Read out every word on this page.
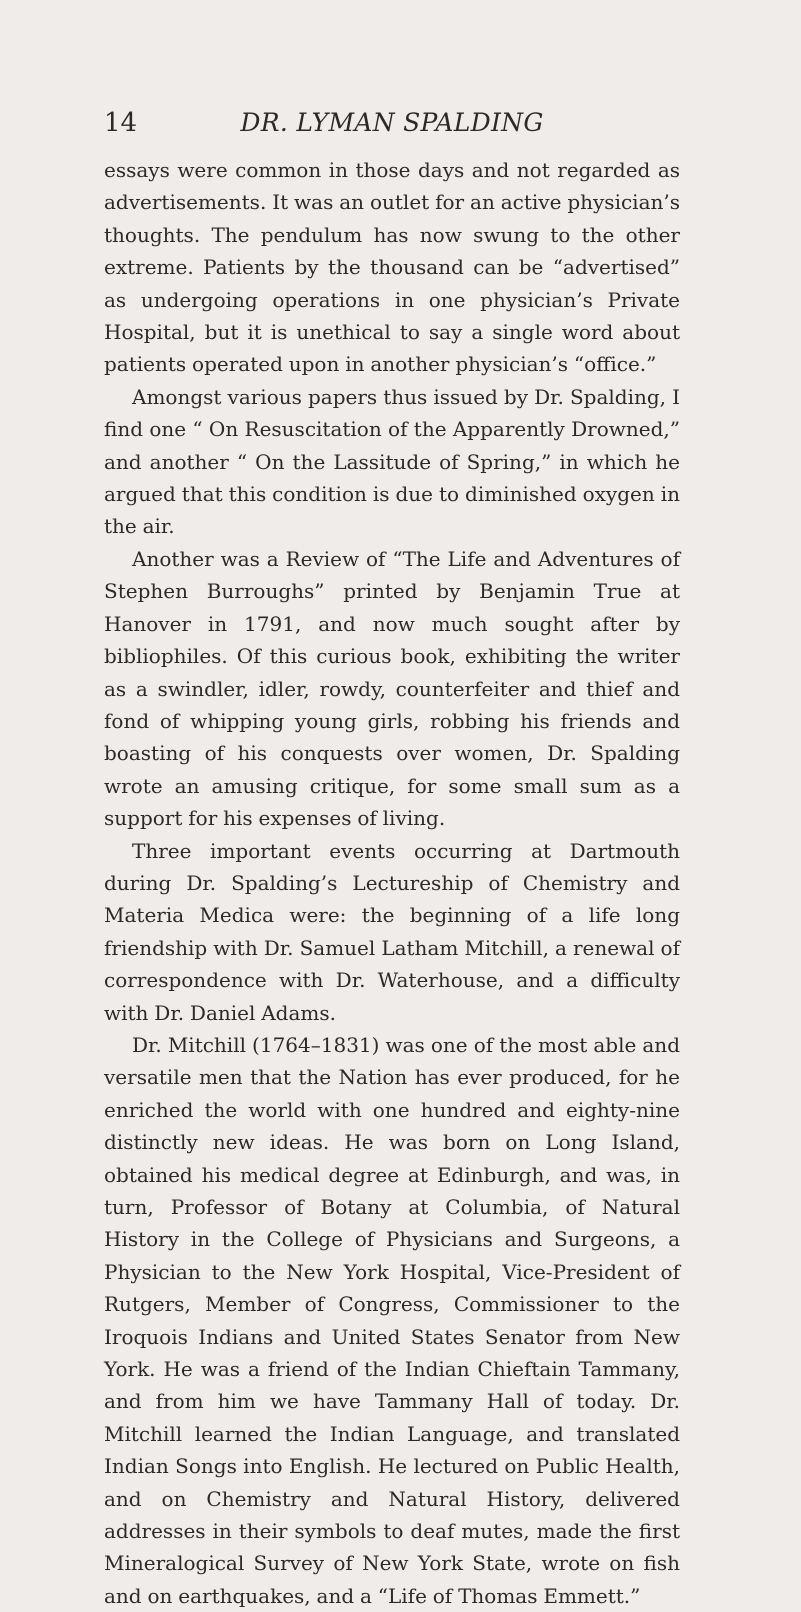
14	DR. LYMAN SPALDING

essays were common in those days and not regarded as advertisements. It was an outlet for an active physician’s thoughts. The pendulum has now swung to the other extreme. Patients by the thousand can be “advertised” as undergoing operations in one physician’s Private Hospital, but it is unethical to say a single word about patients operated upon in another physician’s “office.”

Amongst various papers thus issued by Dr. Spalding, I find one “ On Resuscitation of the Apparently Drowned,” and another “ On the Lassitude of Spring,” in which he argued that this condition is due to diminished oxygen in the air.

Another was a Review of “The Life and Adventures of Stephen Burroughs” printed by Benjamin True at Hanover in 1791, and now much sought after by bibliophiles. Of this curious book, exhibiting the writer as a swindler, idler, rowdy, counterfeiter and thief and fond of whipping young girls, robbing his friends and boasting of his conquests over women, Dr. Spalding wrote an amusing critique, for some small sum as a support for his expenses of living.

Three important events occurring at Dartmouth during Dr. Spalding’s Lectureship of Chemistry and Materia Medica were: the beginning of a life long friendship with Dr. Samuel Latham Mitchill, a renewal of correspondence with Dr. Waterhouse, and a difficulty with Dr. Daniel Adams.

Dr. Mitchill (1764–1831) was one of the most able and versatile men that the Nation has ever produced, for he enriched the world with one hundred and eighty-nine distinctly new ideas. He was born on Long Island, obtained his medical degree at Edinburgh, and was, in turn, Professor of Botany at Columbia, of Natural History in the College of Physicians and Surgeons, a Physician to the New York Hospital, Vice-President of Rutgers, Member of Congress, Commissioner to the Iroquois Indians and United States Senator from New York. He was a friend of the Indian Chieftain Tammany, and from him we have Tammany Hall of today. Dr. Mitchill learned the Indian Language, and translated Indian Songs into English. He lectured on Public Health, and on Chemistry and Natural History, delivered addresses in their symbols to deaf mutes, made the first Mineralogical Survey of New York State, wrote on fish and on earthquakes, and a “Life of Thomas Emmett.”
